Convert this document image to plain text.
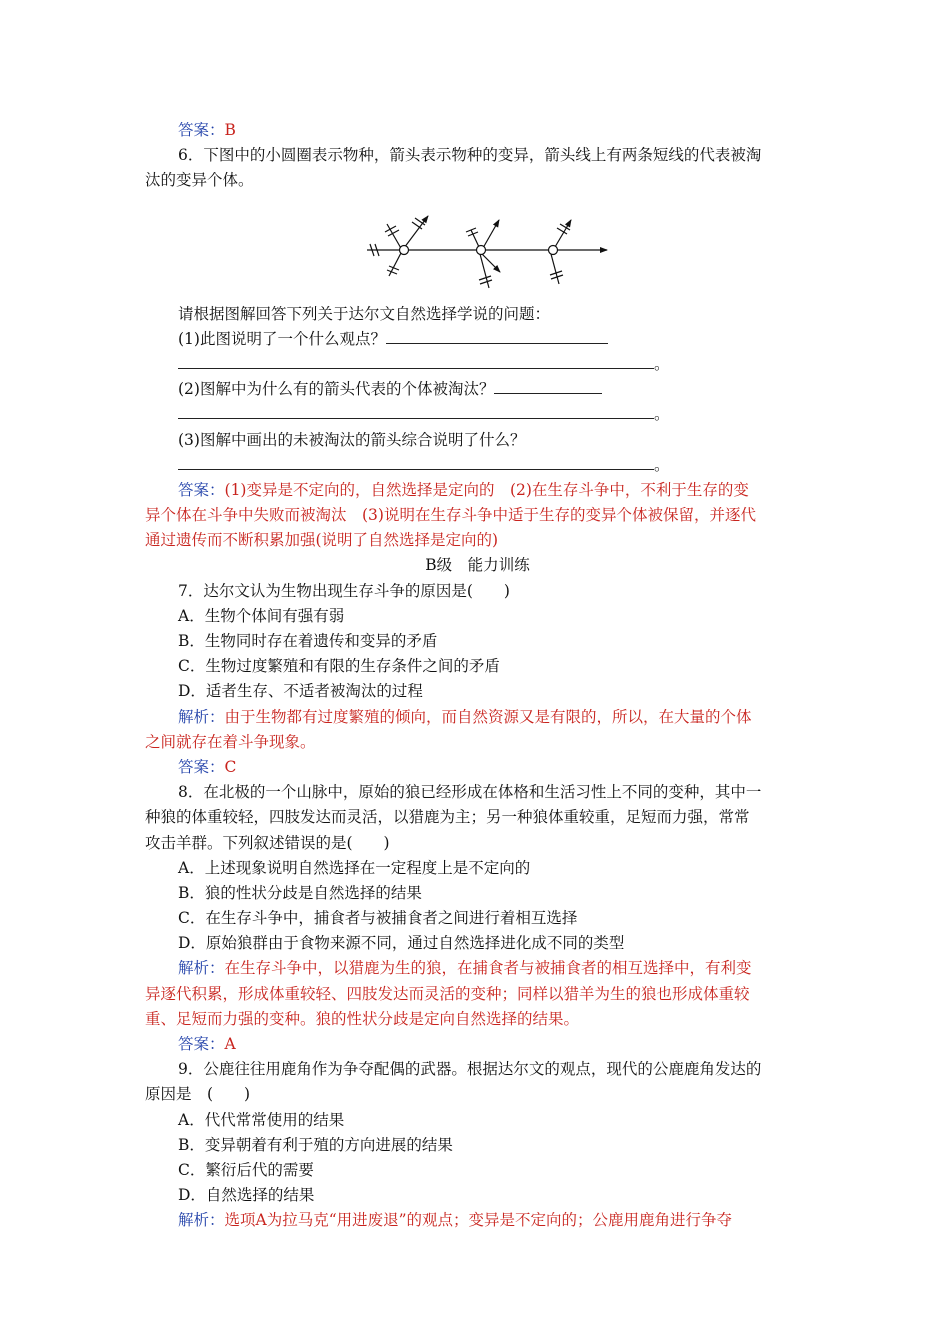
答案：B
6．下图中的小圆圈表示物种，箭头表示物种的变异，箭头线上有两条短线的代表被淘
汰的变异个体。
请根据图解回答下列关于达尔文自然选择学说的问题：
(1)此图说明了一个什么观点？
。
(2)图解中为什么有的箭头代表的个体被淘汰？
。
(3)图解中画出的未被淘汰的箭头综合说明了什么？
。
答案：(1)变异是不定向的，自然选择是定向的　(2)在生存斗争中，不利于生存的变
异个体在斗争中失败而被淘汰　(3)说明在生存斗争中适于生存的变异个体被保留，并逐代
通过遗传而不断积累加强(说明了自然选择是定向的)
B级　能力训练
7．达尔文认为生物出现生存斗争的原因是(　　)
A．生物个体间有强有弱
B．生物同时存在着遗传和变异的矛盾
C．生物过度繁殖和有限的生存条件之间的矛盾
D．适者生存、不适者被淘汰的过程
解析：由于生物都有过度繁殖的倾向，而自然资源又是有限的，所以，在大量的个体
之间就存在着斗争现象。
答案：C
8．在北极的一个山脉中，原始的狼已经形成在体格和生活习性上不同的变种，其中一
种狼的体重较轻，四肢发达而灵活，以猎鹿为主；另一种狼体重较重，足短而力强，常常
攻击羊群。下列叙述错误的是(　　)
A．上述现象说明自然选择在一定程度上是不定向的
B．狼的性状分歧是自然选择的结果
C．在生存斗争中，捕食者与被捕食者之间进行着相互选择
D．原始狼群由于食物来源不同，通过自然选择进化成不同的类型
解析：在生存斗争中，以猎鹿为生的狼，在捕食者与被捕食者的相互选择中，有利变
异逐代积累，形成体重较轻、四肢发达而灵活的变种；同样以猎羊为生的狼也形成体重较
重、足短而力强的变种。狼的性状分歧是定向自然选择的结果。
答案：A
9．公鹿往往用鹿角作为争夺配偶的武器。根据达尔文的观点，现代的公鹿鹿角发达的
原因是　(　　)
A．代代常常使用的结果
B．变异朝着有利于殖的方向进展的结果
C．繁衍后代的需要
D．自然选择的结果
解析：选项A为拉马克“用进废退”的观点；变异是不定向的；公鹿用鹿角进行争夺
